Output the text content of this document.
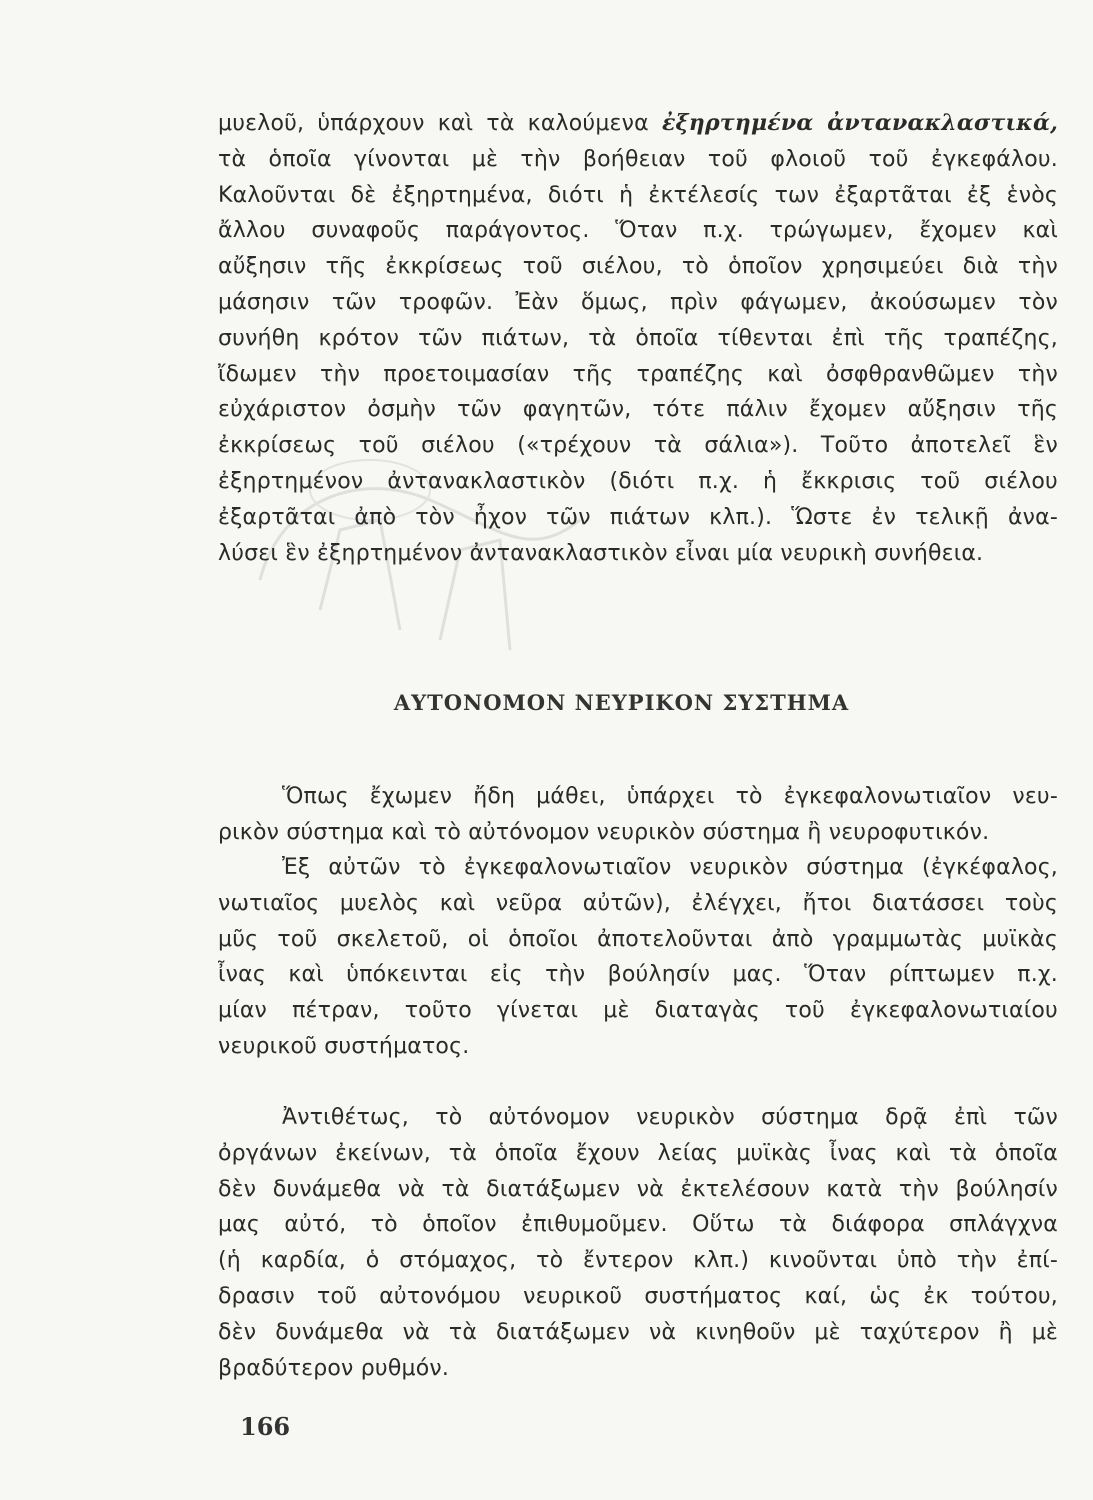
μυελοῦ, ὑπάρχουν καὶ τὰ καλούμενα ἐξηρτημένα ἀντανακλαστικά,
τὰ ὁποῖα γίνονται μὲ τὴν βοήθειαν τοῦ φλοιοῦ τοῦ ἐγκεφάλου.
Καλοῦνται δὲ ἐξηρτημένα, διότι ἡ ἐκτέλεσίς των ἐξαρτᾶται ἐξ ἑνὸς
ἄλλου συναφοῦς παράγοντος. Ὅταν π.χ. τρώγωμεν, ἔχομεν καὶ
αὔξησιν τῆς ἐκκρίσεως τοῦ σιέλου, τὸ ὁποῖον χρησιμεύει διὰ τὴν
μάσησιν τῶν τροφῶν. Ἐὰν ὅμως, πρὶν φάγωμεν, ἀκούσωμεν τὸν
συνήθη κρότον τῶν πιάτων, τὰ ὁποῖα τίθενται ἐπὶ τῆς τραπέζης,
ἴδωμεν τὴν προετοιμασίαν τῆς τραπέζης καὶ ὀσφθρανθῶμεν τὴν
εὐχάριστον ὀσμὴν τῶν φαγητῶν, τότε πάλιν ἔχομεν αὔξησιν τῆς
ἐκκρίσεως τοῦ σιέλου («τρέχουν τὰ σάλια»). Τοῦτο ἀποτελεῖ ἓν
ἐξηρτημένον ἀντανακλαστικὸν (διότι π.χ. ἡ ἔκκρισις τοῦ σιέλου
ἐξαρτᾶται ἀπὸ τὸν ἦχον τῶν πιάτων κλπ.). Ὥστε ἐν τελικῇ ἀνα-
λύσει ἓν ἐξηρτημένον ἀντανακλαστικὸν εἶναι μία νευρικὴ συνήθεια.
ΑΥΤΟΝΟΜΟΝ ΝΕΥΡΙΚΟΝ ΣΥΣΤΗΜΑ
Ὅπως ἔχωμεν ἤδη μάθει, ὑπάρχει τὸ ἐγκεφαλονωτιαῖον νευ-
ρικὸν σύστημα καὶ τὸ αὐτόνομον νευρικὸν σύστημα ἢ νευροφυτικόν.
Ἐξ αὐτῶν τὸ ἐγκεφαλονωτιαῖον νευρικὸν σύστημα (ἐγκέφαλος,
νωτιαῖος μυελὸς καὶ νεῦρα αὐτῶν), ἐλέγχει, ἤτοι διατάσσει τοὺς
μῦς τοῦ σκελετοῦ, οἱ ὁποῖοι ἀποτελοῦνται ἀπὸ γραμμωτὰς μυϊκὰς
ἶνας καὶ ὑπόκεινται εἰς τὴν βούλησίν μας. Ὅταν ρίπτωμεν π.χ.
μίαν πέτραν, τοῦτο γίνεται μὲ διαταγὰς τοῦ ἐγκεφαλονωτιαίου
νευρικοῦ συστήματος.
Ἀντιθέτως, τὸ αὐτόνομον νευρικὸν σύστημα δρᾷ ἐπὶ τῶν
ὀργάνων ἐκείνων, τὰ ὁποῖα ἔχουν λείας μυϊκὰς ἶνας καὶ τὰ ὁποῖα
δὲν δυνάμεθα νὰ τὰ διατάξωμεν νὰ ἐκτελέσουν κατὰ τὴν βούλησίν
μας αὐτό, τὸ ὁποῖον ἐπιθυμοῦμεν. Οὕτω τὰ διάφορα σπλάγχνα
(ἡ καρδία, ὁ στόμαχος, τὸ ἔντερον κλπ.) κινοῦνται ὑπὸ τὴν ἐπί-
δρασιν τοῦ αὐτονόμου νευρικοῦ συστήματος καί, ὡς ἐκ τούτου,
δὲν δυνάμεθα νὰ τὰ διατάξωμεν νὰ κινηθοῦν μὲ ταχύτερον ἢ μὲ
βραδύτερον ρυθμόν.
166
